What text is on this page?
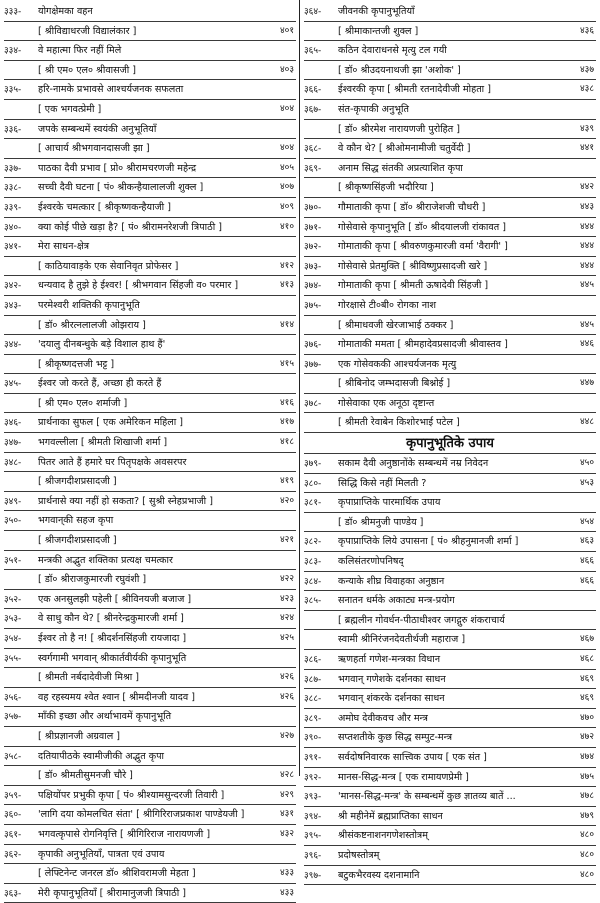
३३३- योगक्षेमका वहन
[ श्रीविद्याधरजी विद्यालंकार ]	४०१
३३४- वे महात्मा फिर नहीं मिले
[ श्री एम० एल० श्रीवासजी ]	४०३
३३५- हरि-नामके प्रभावसे आश्चर्यजनक सफलता
[ एक भगवत्प्रेमी ]	४०४
३३६- जपके सम्बन्धमें स्वयंकी अनुभूतियाँ
[ आचार्य श्रीभगवानदासजी झा ]	४०४
३३७- पाठका दैवी प्रभाव [ प्रो० श्रीरामचरणजी महेन्द्र	४०५
३३८- सच्ची दैवी घटना [ पं० श्रीकन्हैयालालजी शुक्ल ]	४०७
३३९- ईश्वरके चमत्कार [ श्रीकृष्णकन्हैयाजी ]	४०९
३४०- क्या कोई पीछे खड़ा है? [ पं० श्रीरामनरेशजी त्रिपाठी ]	४१०
३४१- मेरा साधन-क्षेत्र
[ काठियावाड़के एक सेवानिवृत प्रोफेसर ]	४१२
३४२- धन्यवाद है तुझे हे ईश्वर! [ श्रीभगवान सिंहजी व० परमार ]	४१३
३४३- परमेश्वरी शक्तिकी कृपानुभूति
[ डॉ० श्रीरत्नलालजी ओझराय ]	४१४
३४४- 'दयालु दीनबन्धुके बड़े विशाल हाथ हैं'
[ श्रीकृष्णदत्तजी भट्ट ]	४१५
३४५- ईश्वर जो करते हैं, अच्छा ही करते हैं
[ श्री एम० एल० शर्माजी ]	४१६
३४६- प्रार्थनाका सुफल [ एक अमेरिकन महिला ]	४१७
३४७- भगवल्लीला [ श्रीमती शिखाजी शर्मा ]	४१८
३४८- पितर आते हैं हमारे घर पितृपक्षके अवसरपर
[ श्रीजगदीशप्रसादजी ]	४१९
३४९- प्रार्थनासे क्या नहीं हो सकता? [ सुश्री स्नेहप्रभाजी ]	४२०
३५०- भगवान्‌की सहज कृपा
[ श्रीजगदीशप्रसादजी ]	४२१
३५१- मन्त्रकी अद्भुत शक्तिका प्रत्यक्ष चमत्कार
[ डॉ० श्रीराजकुमारजी रघुवंशी ]	४२२
३५२- एक अनसुलझी पहेली [ श्रीविनयजी बजाज ]	४२३
३५३- वे साधु कौन थे? [ श्रीनरेन्द्रकुमारजी शर्मा ]	४२४
३५४- ईश्वर तो है न! [ श्रीदर्शनसिंहजी रायजादा ]	४२५
३५५- स्वर्गगामी भगवान् श्रीकार्तवीर्यकी कृपानुभूति
[ श्रीमती नर्बदादेवीजी मिश्रा ]	४२६
३५६- वह रहस्यमय श्वेत श्वान [ श्रीमदीनजी यादव ]	४२६
३५७- माँकी इच्छा और अर्थाभावमें कृपानुभूति
[ श्रीप्रज्ञानजी अग्रवाल ]	४२७
३५८- दतियापीठके स्वामीजीकी अद्भुत कृपा
[ डॉ० श्रीमतीसुमनजी चौरे ]	४२८
३५९- पक्षियोंपर प्रभुकी कृपा [ पं० श्रीश्यामसुन्दरजी तिवारी ]	४२९
३६०- 'लागि दया कोमलचित संता' [ श्रीगिरिराजप्रकाश पाण्डेयजी ]	४३१
३६१- भगवत्कृपासे रोगनिवृत्ति [ श्रीगिरिराज नारायणजी ]	४३२
३६२- कृपाकी अनुभूतियाँ, पात्रता एवं उपाय
[ लेफ्टिनेन्ट जनरल डॉ० श्रीशिवरामजी मेहता ]	४३३
३६३- मेरी कृपानुभूतियाँ [ श्रीरामानुजजी त्रिपाठी ]	४३३
३६४- जीवनकी कृपानुभूतियाँ
[ श्रीमाकान्तजी शुक्ल ]	४३६
३६५- कठिन देवाराधनसे मृत्यु टल गयी
[ डॉ० श्रीउदयनाथजी झा 'अशोक' ]	४३७
३६६- ईश्वरकी कृपा [ श्रीमती रतनादेवीजी मोहता ]	४३८
३६७- संत-कृपाकी अनुभूति
[ डॉ० श्रीरमेश नारायणजी पुरोहित ]	४३९
३६८- वे कौन थे? [ श्रीओमनामीजी चतुर्वेदी ]	४४१
३६९- अनाम सिद्ध संतकी अप्रत्याशित कृपा
[ श्रीकृष्णसिंहजी भदौरिया ]	४४२
३७०- गौमाताकी कृपा [ डॉ० श्रीराजेशजी चौधरी ]	४४३
३७१- गोसेवासे कृपानुभूति [ डॉ० श्रीदयालजी रांकावत ]	४४४
३७२- गोमाताकी कृपा [ श्रीवरुणकुमारजी वर्मा 'वैरागी' ]	४४४
३७३- गोसेवासे प्रेतमुक्ति [ श्रीविष्णुप्रसादजी खरे ]	४४४
३७४- गोमाताकी कृपा [ श्रीमती ऊषादेवी सिंहजी ]	४४५
३७५- गोरक्षासे टी०बी० रोगका नाश
[ श्रीमाधवजी खेरजाभाई ठक्कर ]	४४५
३७६- गोमाताकी ममता [ श्रीमहादेवप्रसादजी श्रीवास्तव ]	४४६
३७७- एक गोसेवककी आश्चर्यजनक मृत्यु
[ श्रीबिनोद जम्भदासजी बिश्नोई ]	४४७
३७८- गोसेवाका एक अनूठा दृष्टान्त
[ श्रीमती रेवाबेन किशोरभाई पटेल ]	४४८
कृपानुभूतिके उपाय
३७९- सकाम दैवी अनुष्ठानोंके सम्बन्धमें नम्र निवेदन	४५०
३८०- सिद्धि किसे नहीं मिलती ?	४५३
३८१- कृपाप्राप्तिके पारमार्थिक उपाय
[ डॉ० श्रीमनुजी पाण्डेय ]	४५४
३८२- कृपाप्राप्तिके लिये उपासना [ पं० श्रीहनुमानजी शर्मा ]	४६३
३८३- कलिसंतरणोपनिषद्	४६६
३८४- कन्याके शीघ्र विवाहका अनुष्ठान	४६६
३८५- सनातन धर्मके अकाट्य मन्त्र-प्रयोग
[ ब्रह्मलीन गोवर्धन-पीठाधीश्वर जगद्गुरु शंकराचार्य
स्वामी श्रीनिरंजनदेवतीर्थजी महाराज ]	४६७
३८६- ऋणहर्ता गणेश-मन्त्रका विधान	४६८
३८७- भगवान् गणेशके दर्शनका साधन	४६९
३८८- भगवान् शंकरके दर्शनका साधन	४६९
३८९- अमोघ देवीकवच और मन्त्र	४७०
३९०- सप्तशतीके कुछ सिद्ध सम्पुट-मन्त्र	४७२
३९१- सर्वदोषनिवारक सात्त्विक उपाय [ एक संत ]	४७४
३९२- मानस-सिद्ध-मन्त्र [ एक रामायणप्रेमी ]	४७५
३९३- 'मानस-सिद्ध-मन्त्र' के सम्बन्धमें कुछ ज्ञातव्य बातें ...	४७८
३९४- श्री महीनेमें ब्रह्मप्राप्तिका साधन	४७९
३९५- श्रीसंकष्टनाशनगणेशस्तोत्रम्	४८०
३९६- प्रदोषस्तोत्रम्	४८०
३९७- बटुकभैरवस्य दशनामानि	४८०
